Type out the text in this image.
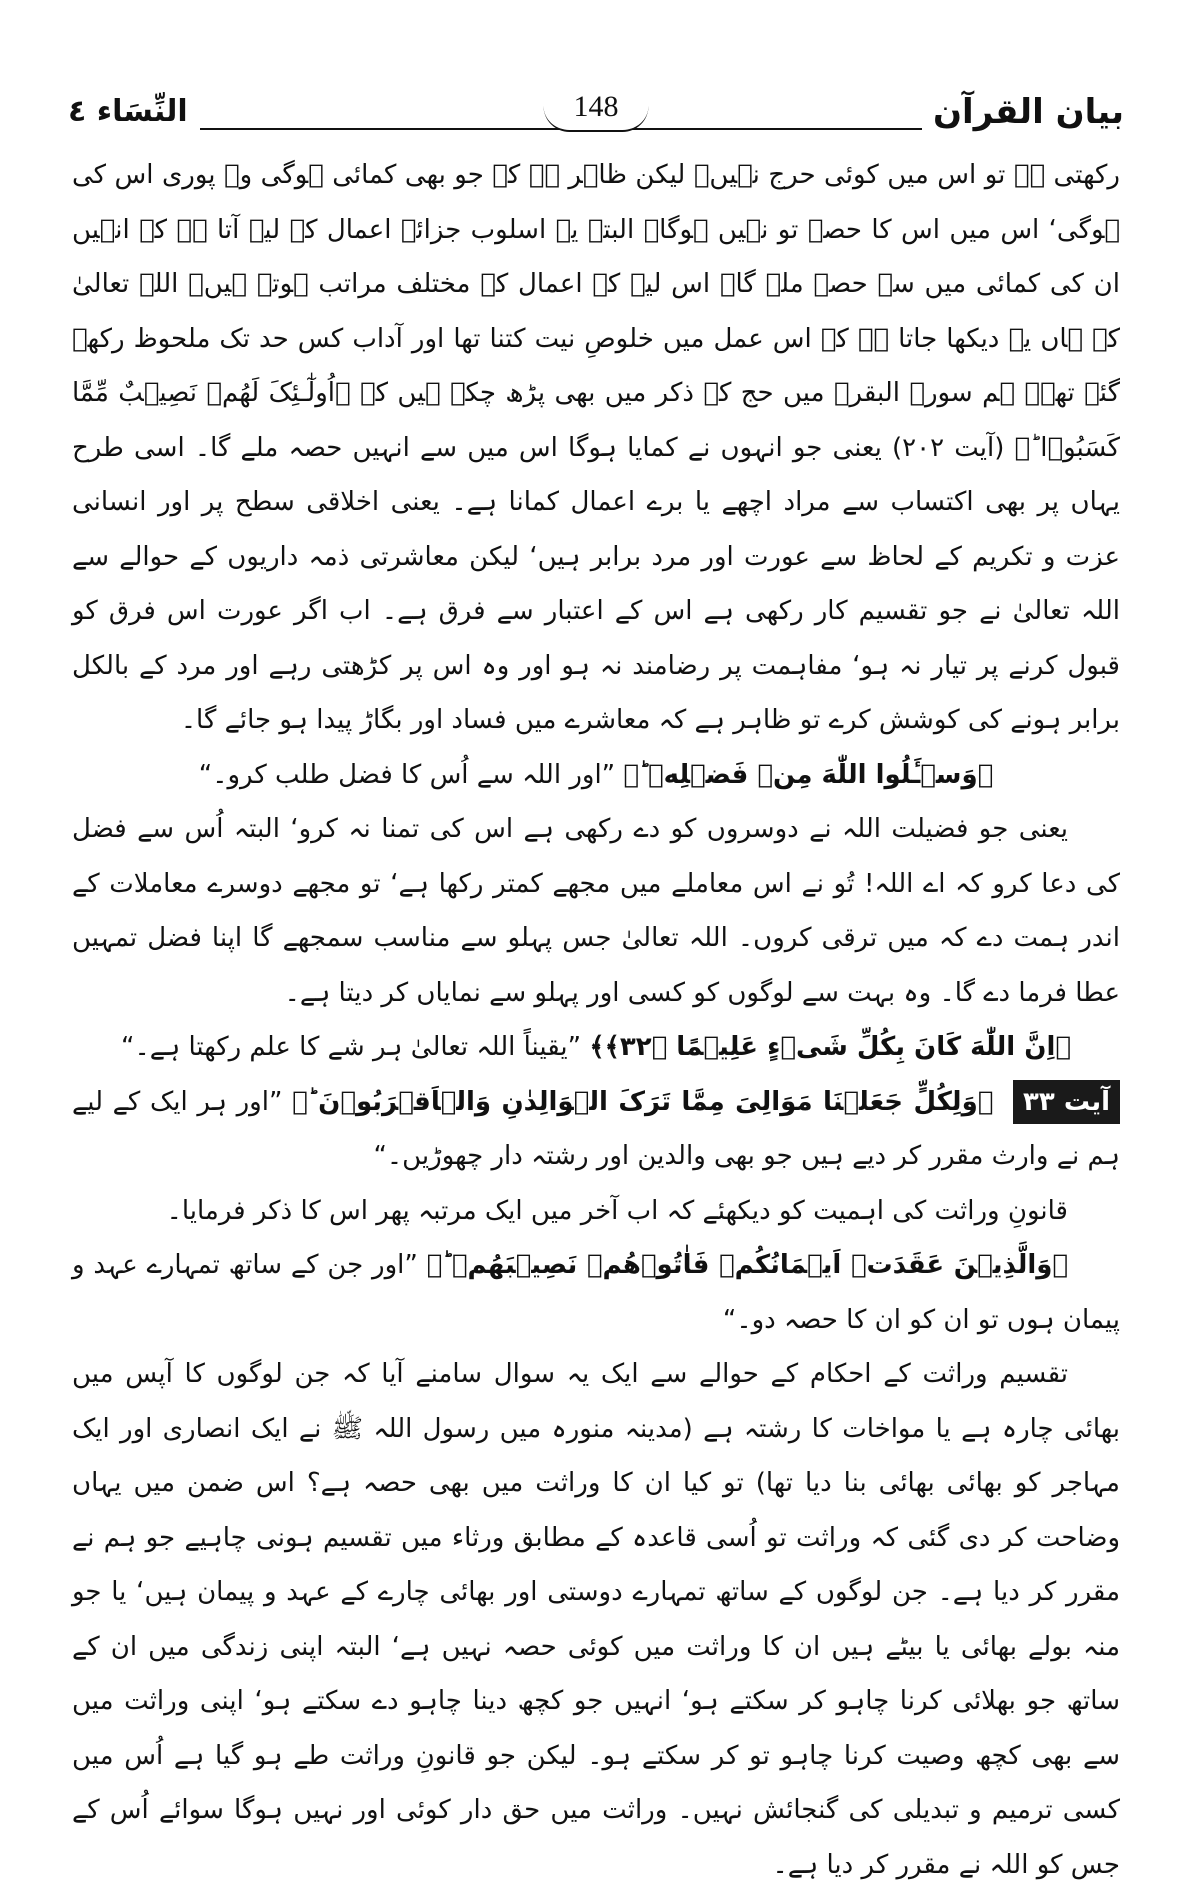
بیان القرآن
148
النِّسَاء ٤

رکھتی ہے تو اس میں کوئی حرج نہیں۔ لیکن ظاہر ہے کہ جو بھی کمائی ہوگی وہ پوری اس کی ہوگی‘ اس میں اس کا حصہ تو نہیں ہوگا۔ البتہ یہ اسلوب جزائے اعمال کے لیے آتا ہے کہ انہیں ان کی کمائی میں سے حصہ ملے گا۔ اس لیے کہ اعمال کے مختلف مراتب ہوتے ہیں۔ اللہ تعالیٰ کے ہاں یہ دیکھا جاتا ہے کہ اس عمل میں خلوصِ نیت کتنا تھا اور آداب کس حد تک ملحوظ رکھے گئے تھے۔ ہم سورۃ البقرۃ میں حج کے ذکر میں بھی پڑھ چکے ہیں کہ ﴿اُولٰٓـئِکَ لَهُمۡ نَصِیۡبٌ مِّمَّا کَسَبُوۡا ؕ﴾ (آیت ۲۰۲) یعنی جو انہوں نے کمایا ہوگا اس میں سے انہیں حصہ ملے گا۔ اسی طرح یہاں پر بھی اکتساب سے مراد اچھے یا برے اعمال کمانا ہے۔ یعنی اخلاقی سطح پر اور انسانی عزت و تکریم کے لحاظ سے عورت اور مرد برابر ہیں‘ لیکن معاشرتی ذمہ داریوں کے حوالے سے اللہ تعالیٰ نے جو تقسیم کار رکھی ہے اس کے اعتبار سے فرق ہے۔ اب اگر عورت اس فرق کو قبول کرنے پر تیار نہ ہو‘ مفاہمت پر رضامند نہ ہو اور وہ اس پر کڑھتی رہے اور مرد کے بالکل برابر ہونے کی کوشش کرے تو ظاہر ہے کہ معاشرے میں فساد اور بگاڑ پیدا ہو جائے گا۔

﴿وَسۡـَٔلُوا اللّٰهَ مِنۡ فَضۡلِهٖ ؕ﴾ ”اور اللہ سے اُس کا فضل طلب کرو۔“

یعنی جو فضیلت اللہ نے دوسروں کو دے رکھی ہے اس کی تمنا نہ کرو‘ البتہ اُس سے فضل کی دعا کرو کہ اے اللہ! تُو نے اس معاملے میں مجھے کمتر رکھا ہے‘ تو مجھے دوسرے معاملات کے اندر ہمت دے کہ میں ترقی کروں۔ اللہ تعالیٰ جس پہلو سے مناسب سمجھے گا اپنا فضل تمہیں عطا فرما دے گا۔ وہ بہت سے لوگوں کو کسی اور پہلو سے نمایاں کر دیتا ہے۔

﴿اِنَّ اللّٰهَ کَانَ بِکُلِّ شَیۡءٍ عَلِیۡمًا ﴿۳۲﴾﴾ ”یقیناً اللہ تعالیٰ ہر شے کا علم رکھتا ہے۔“

آیت ۳۳ ﴿وَلِکُلٍّ جَعَلۡنَا مَوَالِیَ مِمَّا تَرَکَ الۡوَالِدٰنِ وَالۡاَقۡرَبُوۡنَ ؕ﴾ ”اور ہر ایک کے لیے ہم نے وارث مقرر کر دیے ہیں جو بھی والدین اور رشتہ دار چھوڑیں۔“

قانونِ وراثت کی اہمیت کو دیکھئے کہ اب آخر میں ایک مرتبہ پھر اس کا ذکر فرمایا۔

﴿وَالَّذِیۡنَ عَقَدَتۡ اَیۡمَانُکُمۡ فَاٰتُوۡهُمۡ نَصِیۡبَهُمۡ ؕ﴾ ”اور جن کے ساتھ تمہارے عہد و پیمان ہوں تو ان کو ان کا حصہ دو۔“

تقسیم وراثت کے احکام کے حوالے سے ایک یہ سوال سامنے آیا کہ جن لوگوں کا آپس میں بھائی چارہ ہے یا مواخات کا رشتہ ہے (مدینہ منورہ میں رسول اللہ ﷺ نے ایک انصاری اور ایک مہاجر کو بھائی بھائی بنا دیا تھا) تو کیا ان کا وراثت میں بھی حصہ ہے؟ اس ضمن میں یہاں وضاحت کر دی گئی کہ وراثت تو اُسی قاعدہ کے مطابق ورثاء میں تقسیم ہونی چاہیے جو ہم نے مقرر کر دیا ہے۔ جن لوگوں کے ساتھ تمہارے دوستی اور بھائی چارے کے عہد و پیمان ہیں‘ یا جو منہ بولے بھائی یا بیٹے ہیں ان کا وراثت میں کوئی حصہ نہیں ہے‘ البتہ اپنی زندگی میں ان کے ساتھ جو بھلائی کرنا چاہو کر سکتے ہو‘ انہیں جو کچھ دینا چاہو دے سکتے ہو‘ اپنی وراثت میں سے بھی کچھ وصیت کرنا چاہو تو کر سکتے ہو۔ لیکن جو قانونِ وراثت طے ہو گیا ہے اُس میں کسی ترمیم و تبدیلی کی گنجائش نہیں۔ وراثت میں حق دار کوئی اور نہیں ہوگا سوائے اُس کے جس کو اللہ نے مقرر کر دیا ہے۔
